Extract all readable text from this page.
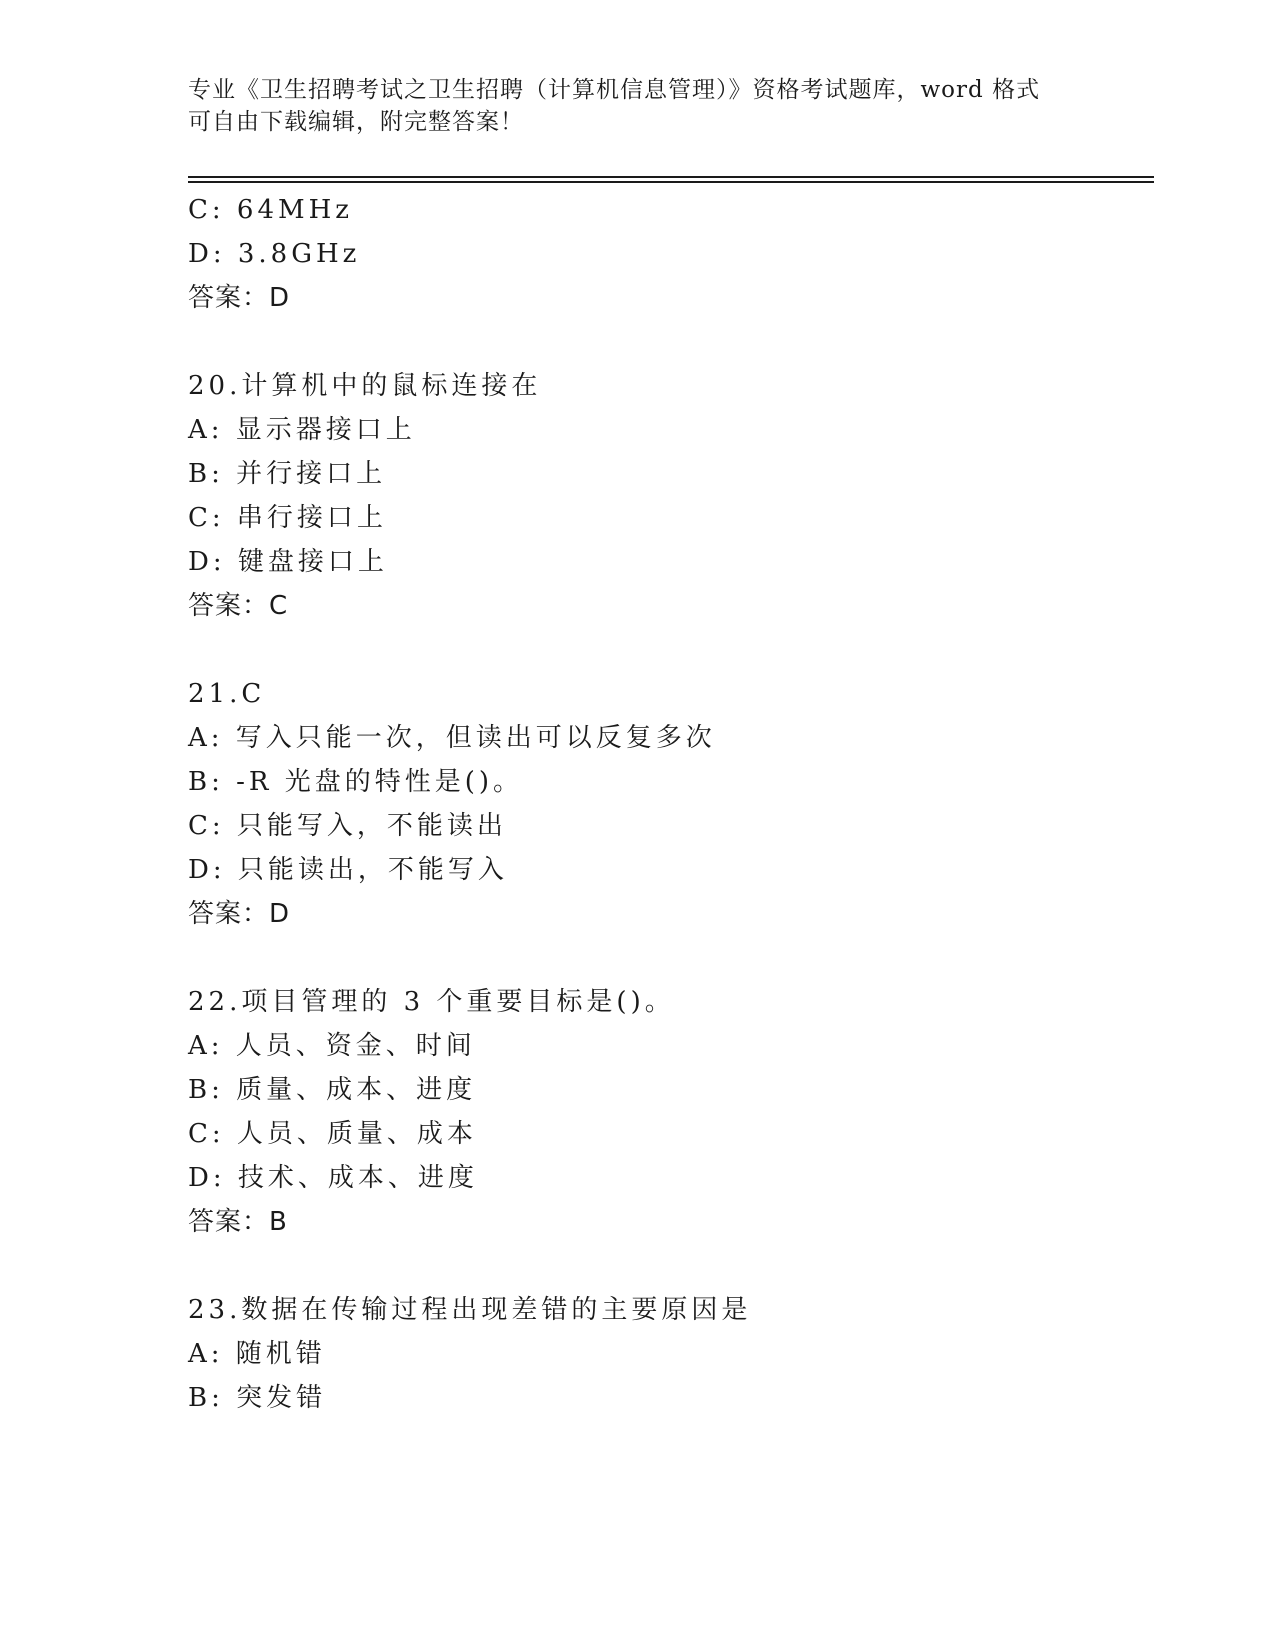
专业《卫生招聘考试之卫生招聘（计算机信息管理）》资格考试题库，word 格式
可自由下载编辑，附完整答案！
C: 64MHz
D: 3.8GHz
答案：D
20.计算机中的鼠标连接在
A: 显示器接口上
B: 并行接口上
C: 串行接口上
D: 键盘接口上
答案：C
21.C
A: 写入只能一次，但读出可以反复多次
B: -R 光盘的特性是()。
C: 只能写入，不能读出
D: 只能读出，不能写入
答案：D
22.项目管理的 3 个重要目标是()。
A: 人员、资金、时间
B: 质量、成本、进度
C: 人员、质量、成本
D: 技术、成本、进度
答案：B
23.数据在传输过程出现差错的主要原因是
A: 随机错
B: 突发错
